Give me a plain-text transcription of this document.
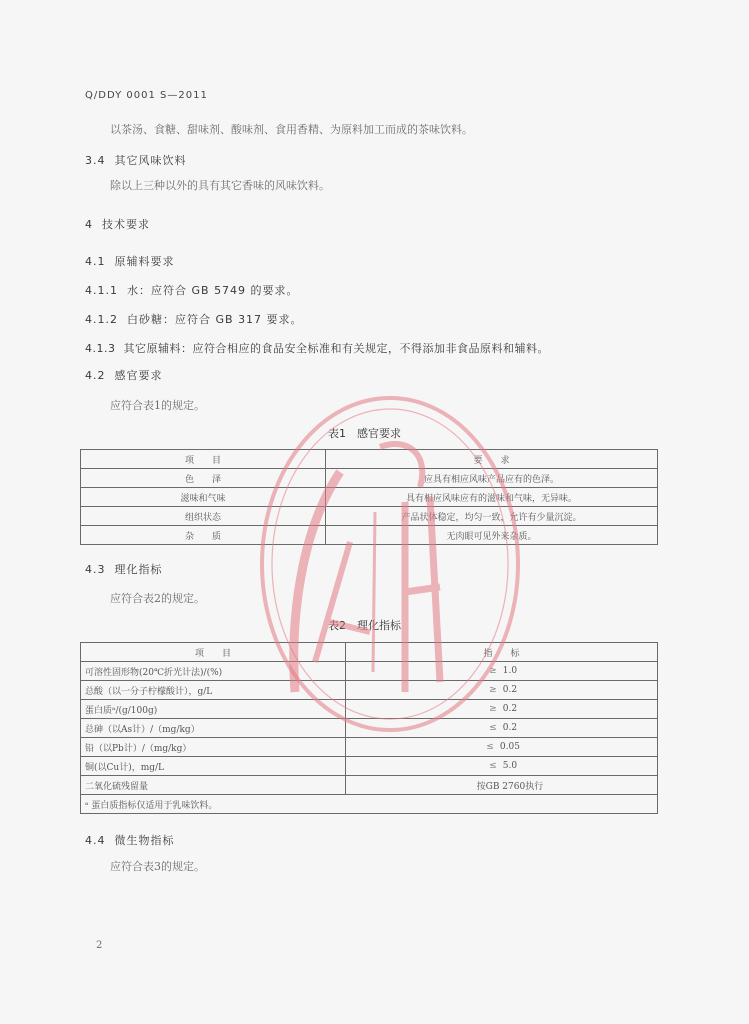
Q/DDY 0001 S—2011
以茶汤、食糖、甜味剂、酸味剂、食用香精、为原料加工而成的茶味饮料。
3.4 其它风味饮料
除以上三种以外的具有其它香味的风味饮料。
4 技术要求
4.1 原辅料要求
4.1.1 水：应符合 GB 5749 的要求。
4.1.2 白砂糖：应符合 GB 317 要求。
4.1.3 其它原辅料：应符合相应的食品安全标准和有关规定，不得添加非食品原料和辅料。
4.2 感官要求
应符合表1的规定。
表1　感官要求
项　　目	要　　求
色　　泽	应具有相应风味产品应有的色泽。
滋味和气味	具有相应风味应有的滋味和气味，无异味。
组织状态	产品状体稳定，均匀一致，允许有少量沉淀。
杂　　质	无肉眼可见外来杂质。
4.3 理化指标
应符合表2的规定。
表2　理化指标
项　　目	指　　标
可溶性固形物(20℃折光计法)/(%)	≥ 1.0
总酸（以一分子柠檬酸计），g/L	≥ 0.2
蛋白质ᵃ/(g/100g)	≥ 0.2
总砷（以As计）/（mg/kg）	≤ 0.2
铅（以Pb计）/（mg/kg）	≤ 0.05
铜(以Cu计)，mg/L	≤ 5.0
二氧化硫残留量	按GB 2760执行
ᵃ 蛋白质指标仅适用于乳味饮料。	
4.4 微生物指标
应符合表3的规定。
2
